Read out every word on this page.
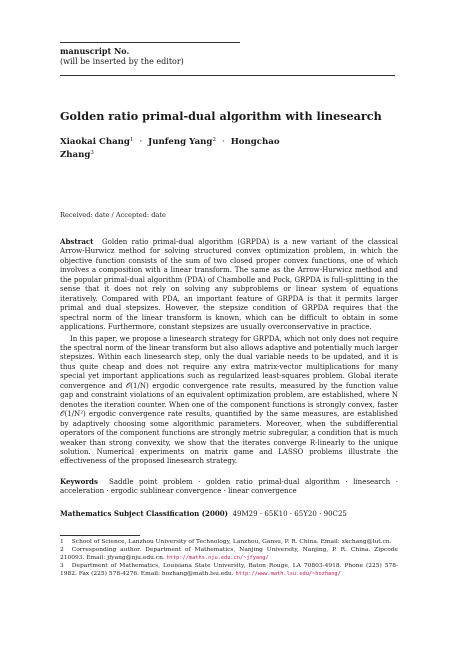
manuscript No.
(will be inserted by the editor)
Golden ratio primal-dual algorithm with linesearch
Xiaokai Chang$^1$ · Junfeng Yang$^2$ · Hongchao
Zhang$^3$
Received: date / Accepted: date

Abstract Golden ratio primal-dual algorithm (GRPDA) is a new variant of the classical Arrow-Hurwicz method for solving structured convex optimization problem, in which the objective function consists of the sum of two closed proper convex functions, one of which involves a composition with a linear transform. The same as the Arrow-Hurwicz method and the popular primal-dual algorithm (PDA) of Chambolle and Pock, GRPDA is full-splitting in the sense that it does not rely on solving any subproblems or linear system of equations iteratively. Compared with PDA, an important feature of GRPDA is that it permits larger primal and dual stepsizes. However, the stepsize condition of GRPDA requires that the spectral norm of the linear transform is known, which can be difficult to obtain in some applications. Furthermore, constant stepsizes are usually overconservative in practice.

In this paper, we propose a linesearch strategy for GRPDA, which not only does not require the spectral norm of the linear transform but also allows adaptive and potentially much larger stepsizes. Within each linesearch step, only the dual variable needs to be updated, and it is thus quite cheap and does not require any extra matrix-vector multiplications for many special yet important applications such as regularized least-squares problem. Global iterate convergence and 𝒪(1/N) ergodic convergence rate results, measured by the function value gap and constraint violations of an equivalent optimization problem, are established, where N denotes the iteration counter. When one of the component functions is strongly convex, faster 𝒪(1/N²) ergodic convergence rate results, quantified by the same measures, are established by adaptively choosing some algorithmic parameters. Moreover, when the subdifferential operators of the component functions are strongly metric subregular, a condition that is much weaker than strong convexity, we show that the iterates converge R-linearly to the unique solution. Numerical experiments on matrix game and LASSO problems illustrate the effectiveness of the proposed linesearch strategy.

Keywords Saddle point problem · golden ratio primal-dual algorithm · linesearch · acceleration · ergodic sublinear convergence · linear convergence
Mathematics Subject Classification (2000) 49M29 · 65K10 · 65Y20 · 90C25

1 School of Science, Lanzhou University of Technology, Lanzhou, Gansu, P. R. China. Email: xkchang@lut.cn.

2 Corresponding author. Department of Mathematics, Nanjing University, Nanjing, P. R. China. Zipcode 210093. Email: jfyang@nju.edu.cn. http://maths.nju.edu.cn/~jfyang/

3 Department of Mathematics, Louisiana State University, Baton Rouge, LA 70803-4918. Phone (225) 578-1982. Fax (225) 578-4276. Email: hozhang@math.lsu.edu. http://www.math.lsu.edu/~hozhang/
